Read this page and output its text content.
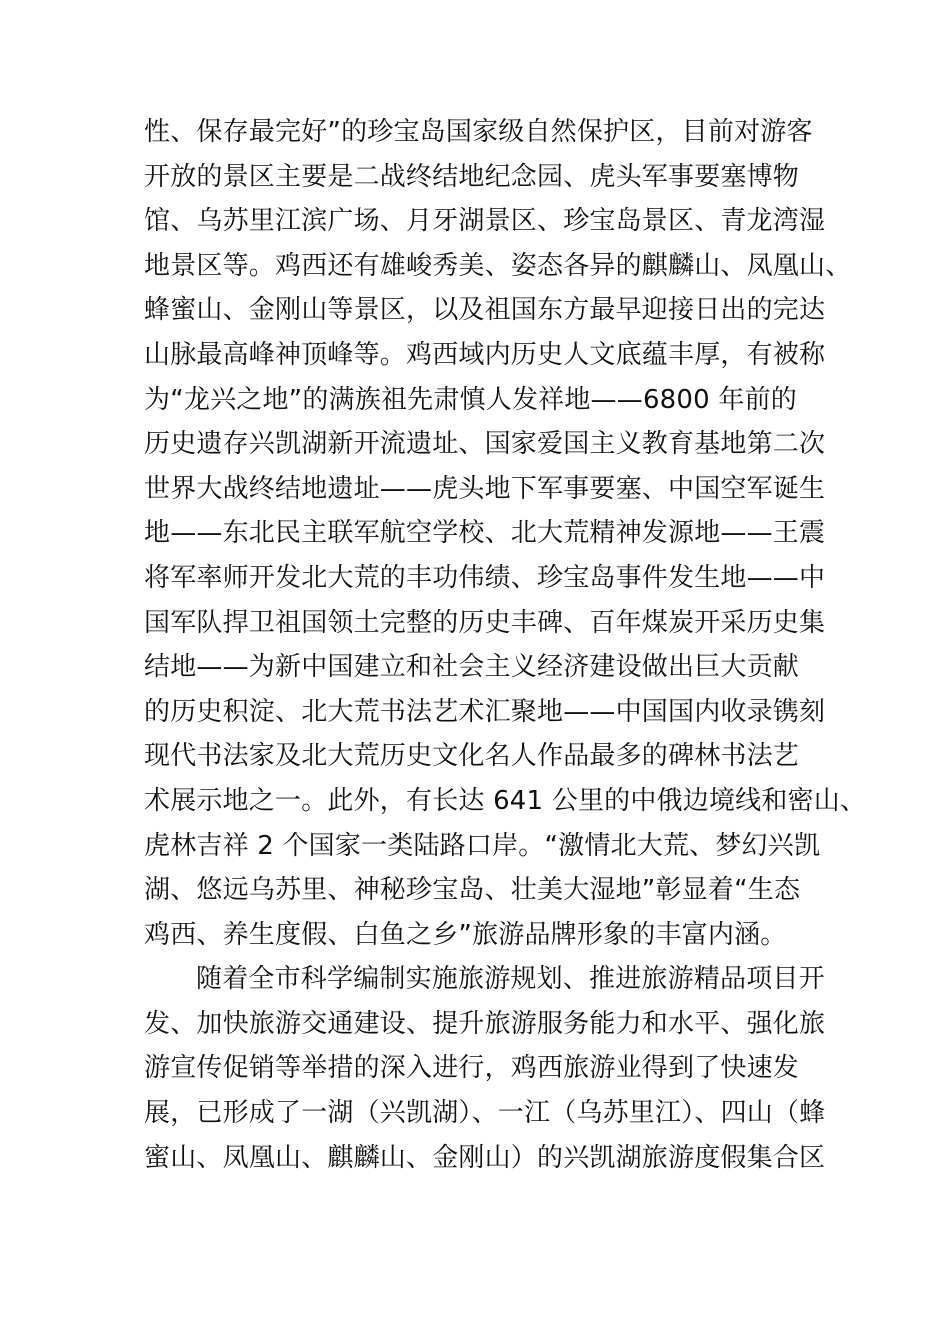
性、保存最完好”的珍宝岛国家级自然保护区，目前对游客
开放的景区主要是二战终结地纪念园、虎头军事要塞博物
馆、乌苏里江滨广场、月牙湖景区、珍宝岛景区、青龙湾湿
地景区等。鸡西还有雄峻秀美、姿态各异的麒麟山、凤凰山、
蜂蜜山、金刚山等景区，以及祖国东方最早迎接日出的完达
山脉最高峰神顶峰等。鸡西域内历史人文底蕴丰厚，有被称
为“龙兴之地”的满族祖先肃慎人发祥地——6800 年前的
历史遗存兴凯湖新开流遗址、国家爱国主义教育基地第二次
世界大战终结地遗址——虎头地下军事要塞、中国空军诞生
地——东北民主联军航空学校、北大荒精神发源地——王震
将军率师开发北大荒的丰功伟绩、珍宝岛事件发生地——中
国军队捍卫祖国领土完整的历史丰碑、百年煤炭开采历史集
结地——为新中国建立和社会主义经济建设做出巨大贡献
的历史积淀、北大荒书法艺术汇聚地——中国国内收录镌刻
现代书法家及北大荒历史文化名人作品最多的碑林书法艺
术展示地之一。此外，有长达 641 公里的中俄边境线和密山、
虎林吉祥 2 个国家一类陆路口岸。“激情北大荒、梦幻兴凯
湖、悠远乌苏里、神秘珍宝岛、壮美大湿地”彰显着“生态
鸡西、养生度假、白鱼之乡”旅游品牌形象的丰富内涵。
随着全市科学编制实施旅游规划、推进旅游精品项目开
发、加快旅游交通建设、提升旅游服务能力和水平、强化旅
游宣传促销等举措的深入进行，鸡西旅游业得到了快速发
展，已形成了一湖（兴凯湖）、一江（乌苏里江）、四山（蜂
蜜山、凤凰山、麒麟山、金刚山）的兴凯湖旅游度假集合区
